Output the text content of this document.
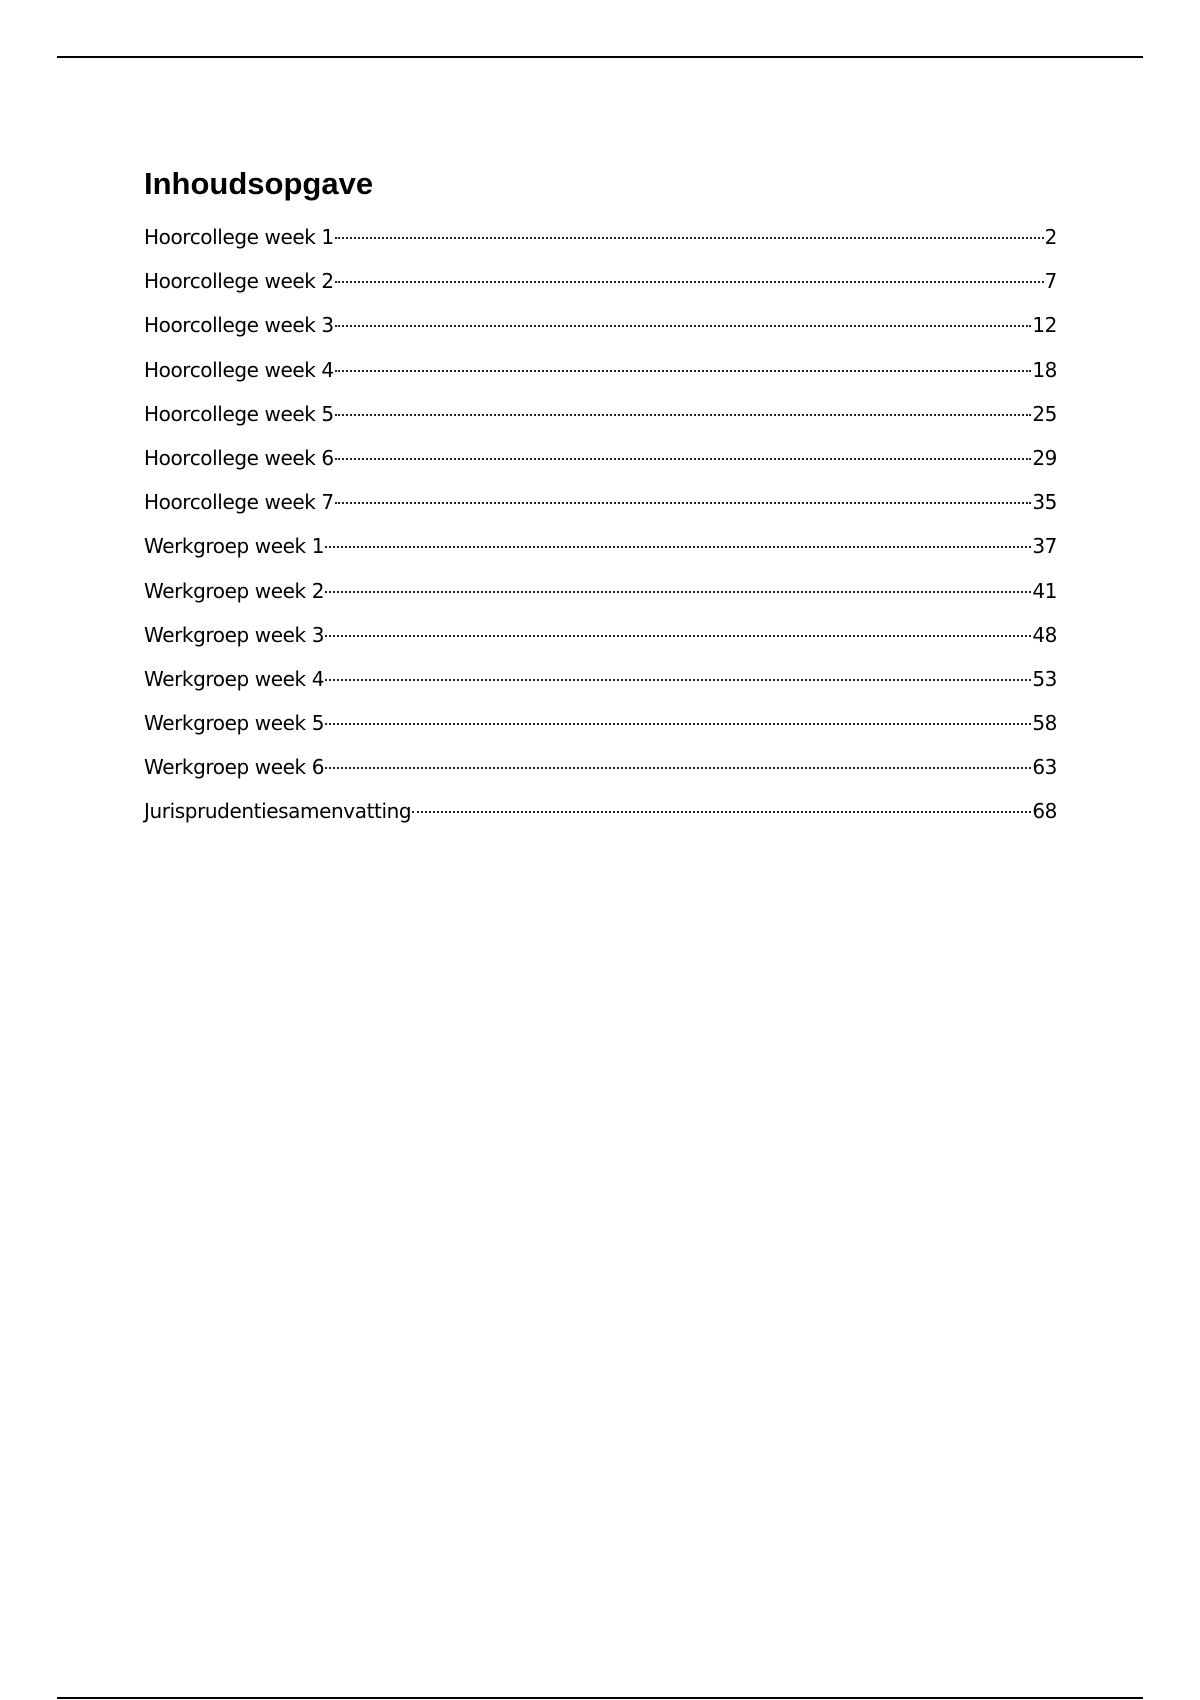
Inhoudsopgave
Hoorcollege week 1	2
Hoorcollege week 2	7
Hoorcollege week 3	12
Hoorcollege week 4	18
Hoorcollege week 5	25
Hoorcollege week 6	29
Hoorcollege week 7	35
Werkgroep week 1	37
Werkgroep week 2	41
Werkgroep week 3	48
Werkgroep week 4	53
Werkgroep week 5	58
Werkgroep week 6	63
Jurisprudentiesamenvatting	68
